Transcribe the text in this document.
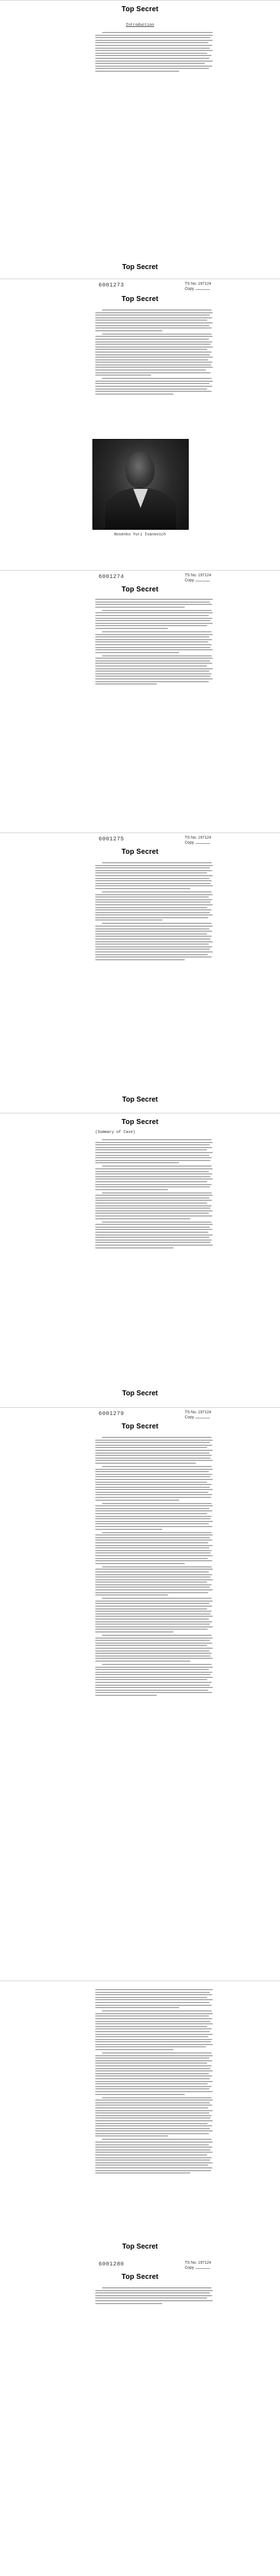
Top Secret
Introduction
Top Secret
6001273	TS No. 197124
Copy
Top Secret
Nosenko Yuri Ivanovich
6001274	TS No. 197124
Copy
Top Secret
6001275	TS No. 197124
Copy
Top Secret
Top Secret
Top Secret
(Summary of Case)
Top Secret
6001279	TS No. 197124
Copy
Top Secret
Top Secret
6001280	TS No. 197124
Copy
Top Secret
